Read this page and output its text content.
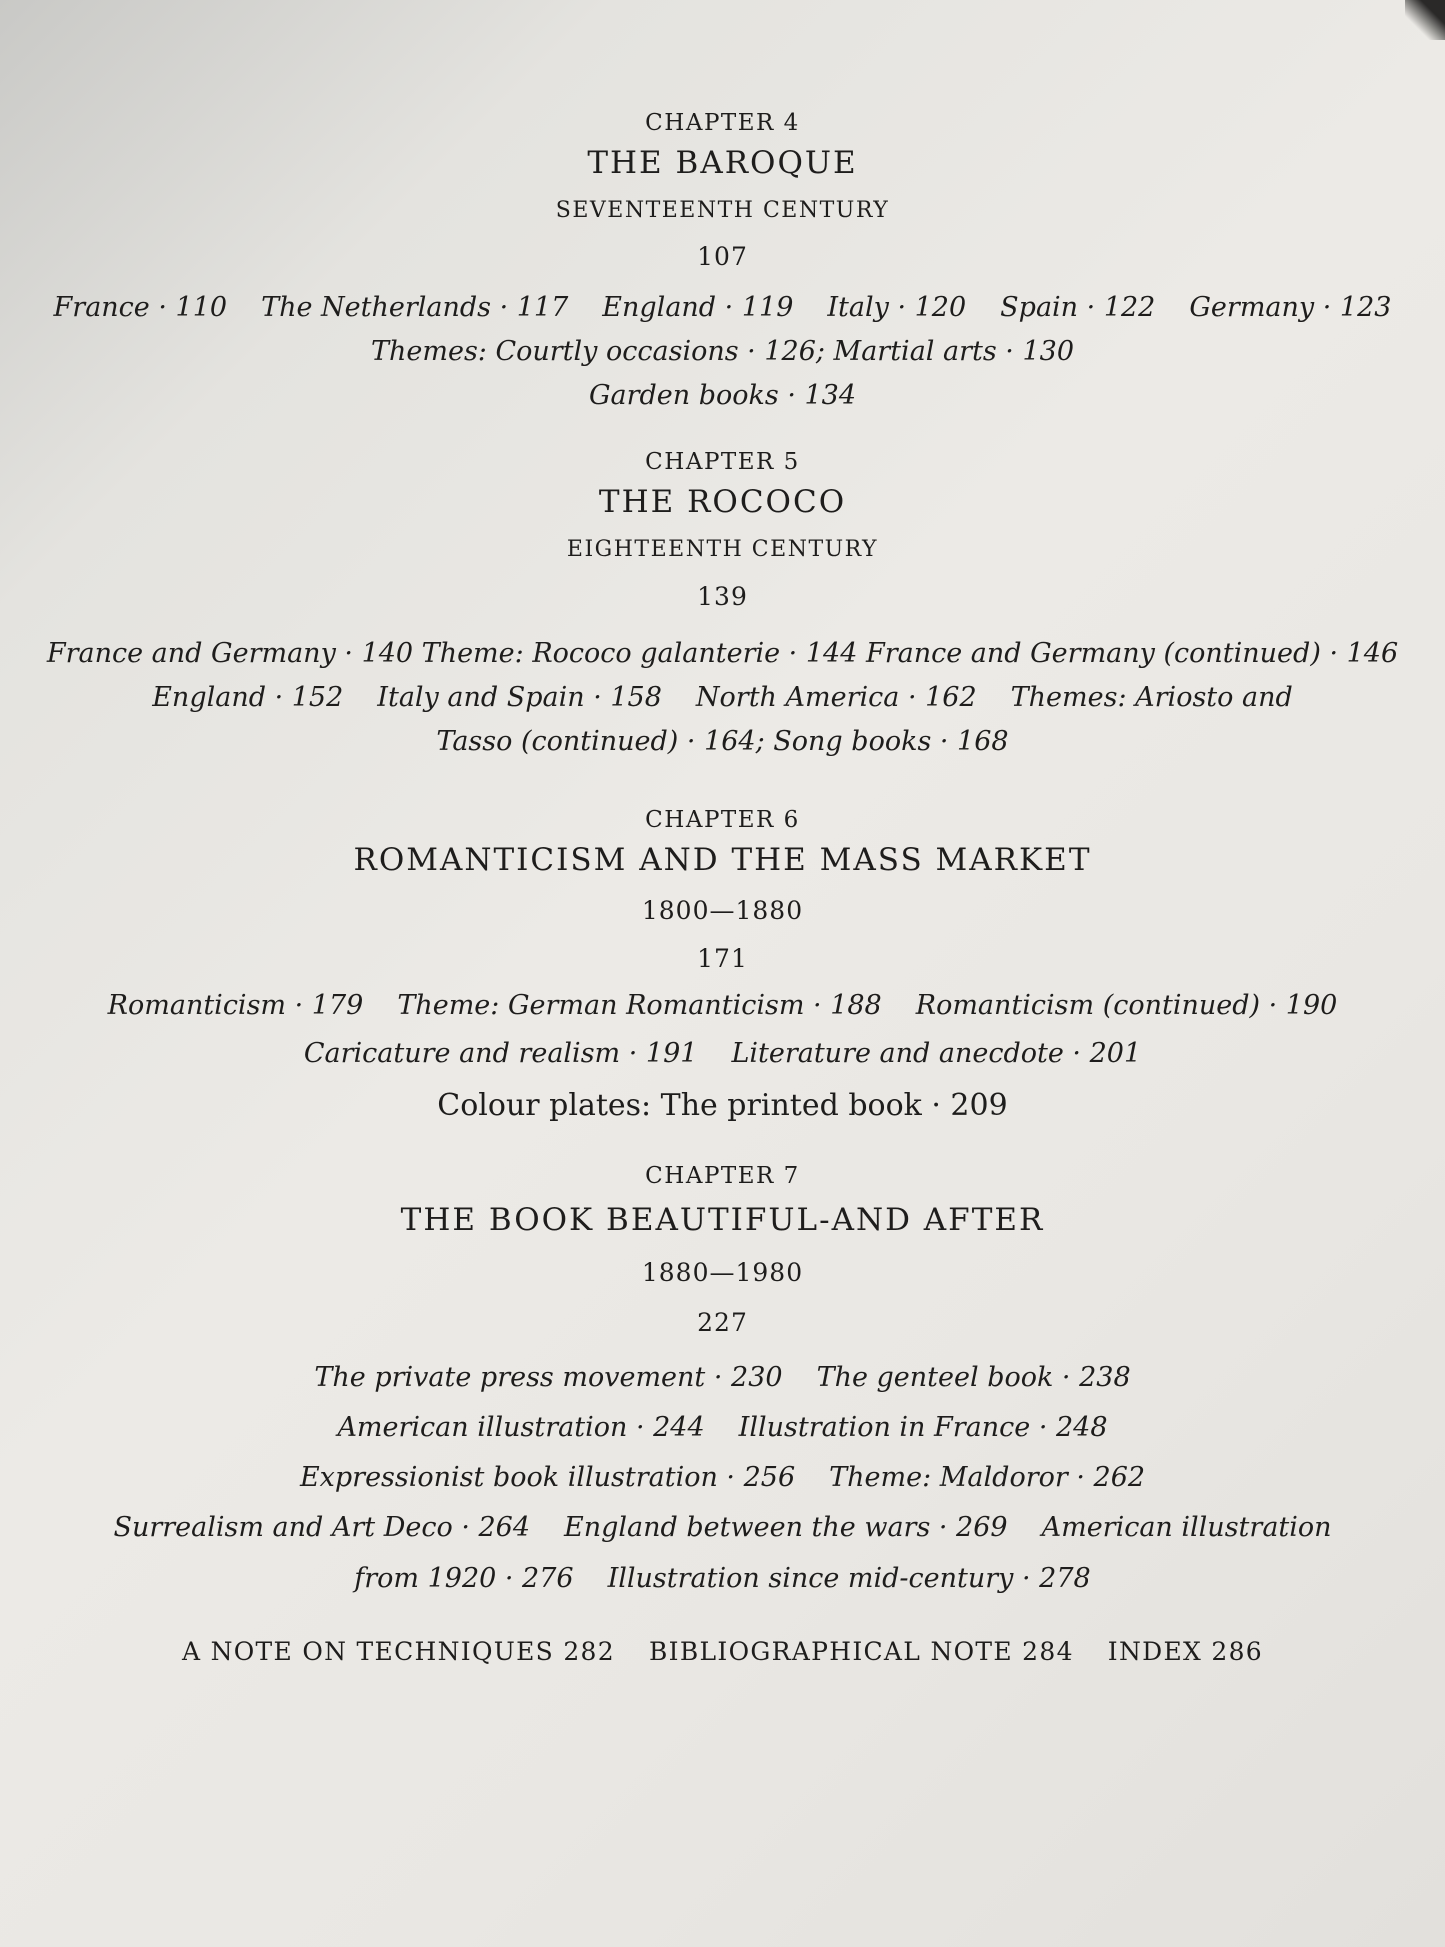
CHAPTER 4
THE BAROQUE
SEVENTEENTH CENTURY
107
France · 110 The Netherlands · 117 England · 119 Italy · 120 Spain · 122 Germany · 123
Themes: Courtly occasions · 126; Martial arts · 130
Garden books · 134
CHAPTER 5
THE ROCOCO
EIGHTEENTH CENTURY
139
France and Germany · 140 Theme: Rococo galanterie · 144 France and Germany (continued) · 146
England · 152 Italy and Spain · 158 North America · 162 Themes: Ariosto and
Tasso (continued) · 164; Song books · 168
CHAPTER 6
ROMANTICISM AND THE MASS MARKET
1800—1880
171
Romanticism · 179 Theme: German Romanticism · 188 Romanticism (continued) · 190
Caricature and realism · 191 Literature and anecdote · 201
Colour plates: The printed book · 209
CHAPTER 7
THE BOOK BEAUTIFUL-AND AFTER
1880—1980
227
The private press movement · 230 The genteel book · 238
American illustration · 244 Illustration in France · 248
Expressionist book illustration · 256 Theme: Maldoror · 262
Surrealism and Art Deco · 264 England between the wars · 269 American illustration
from 1920 · 276 Illustration since mid-century · 278
A NOTE ON TECHNIQUES 282 BIBLIOGRAPHICAL NOTE 284 INDEX 286
